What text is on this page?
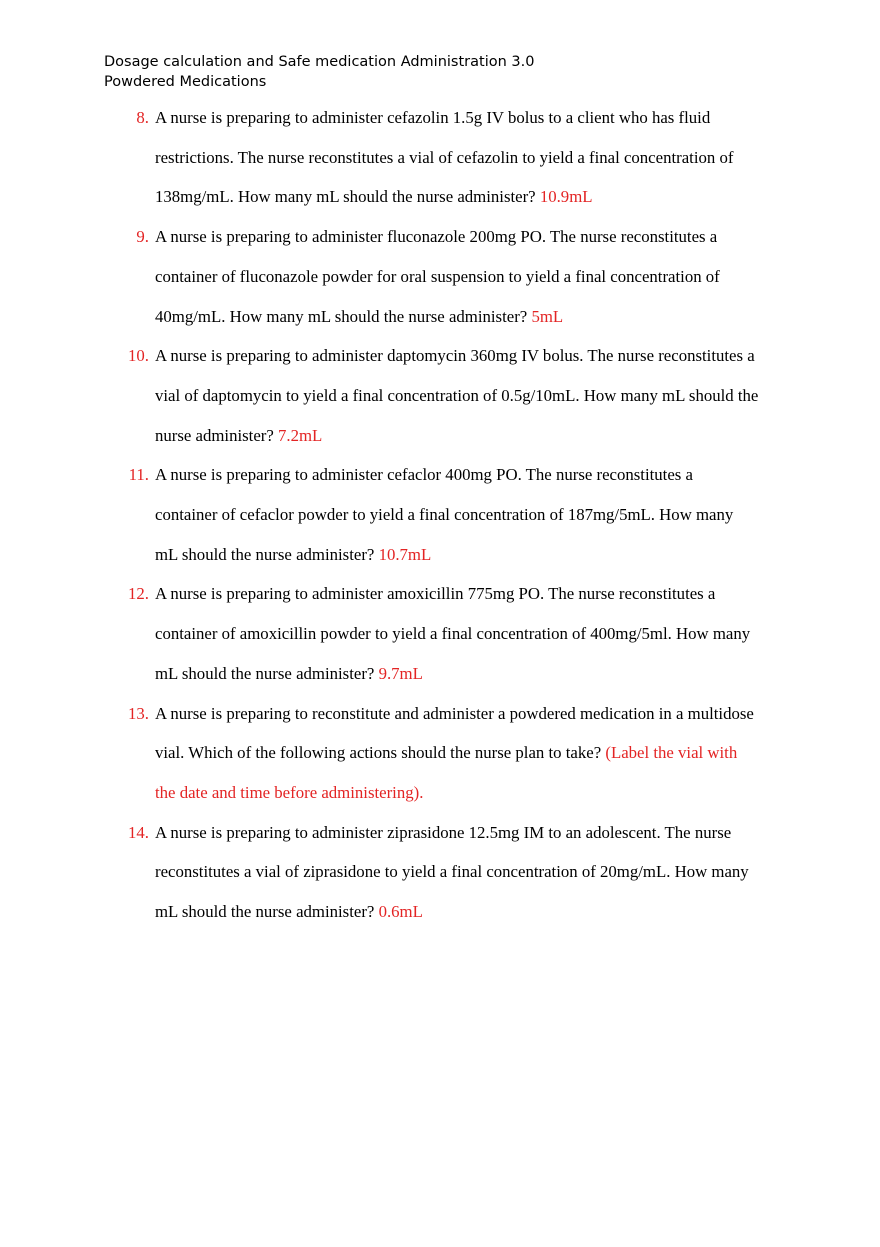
Dosage calculation and Safe medication Administration 3.0
Powdered Medications
8. A nurse is preparing to administer cefazolin 1.5g IV bolus to a client who has fluid
restrictions. The nurse reconstitutes a vial of cefazolin to yield a final concentration of
138mg/mL. How many mL should the nurse administer? 10.9mL
9. A nurse is preparing to administer fluconazole 200mg PO. The nurse reconstitutes a
container of fluconazole powder for oral suspension to yield a final concentration of
40mg/mL. How many mL should the nurse administer? 5mL
10. A nurse is preparing to administer daptomycin 360mg IV bolus. The nurse reconstitutes a
vial of daptomycin to yield a final concentration of 0.5g/10mL. How many mL should the
nurse administer? 7.2mL
11. A nurse is preparing to administer cefaclor 400mg PO. The nurse reconstitutes a
container of cefaclor powder to yield a final concentration of 187mg/5mL. How many
mL should the nurse administer? 10.7mL
12. A nurse is preparing to administer amoxicillin 775mg PO. The nurse reconstitutes a
container of amoxicillin powder to yield a final concentration of 400mg/5ml. How many
mL should the nurse administer? 9.7mL
13. A nurse is preparing to reconstitute and administer a powdered medication in a multidose
vial. Which of the following actions should the nurse plan to take? (Label the vial with
the date and time before administering).
14. A nurse is preparing to administer ziprasidone 12.5mg IM to an adolescent. The nurse
reconstitutes a vial of ziprasidone to yield a final concentration of 20mg/mL. How many
mL should the nurse administer? 0.6mL
